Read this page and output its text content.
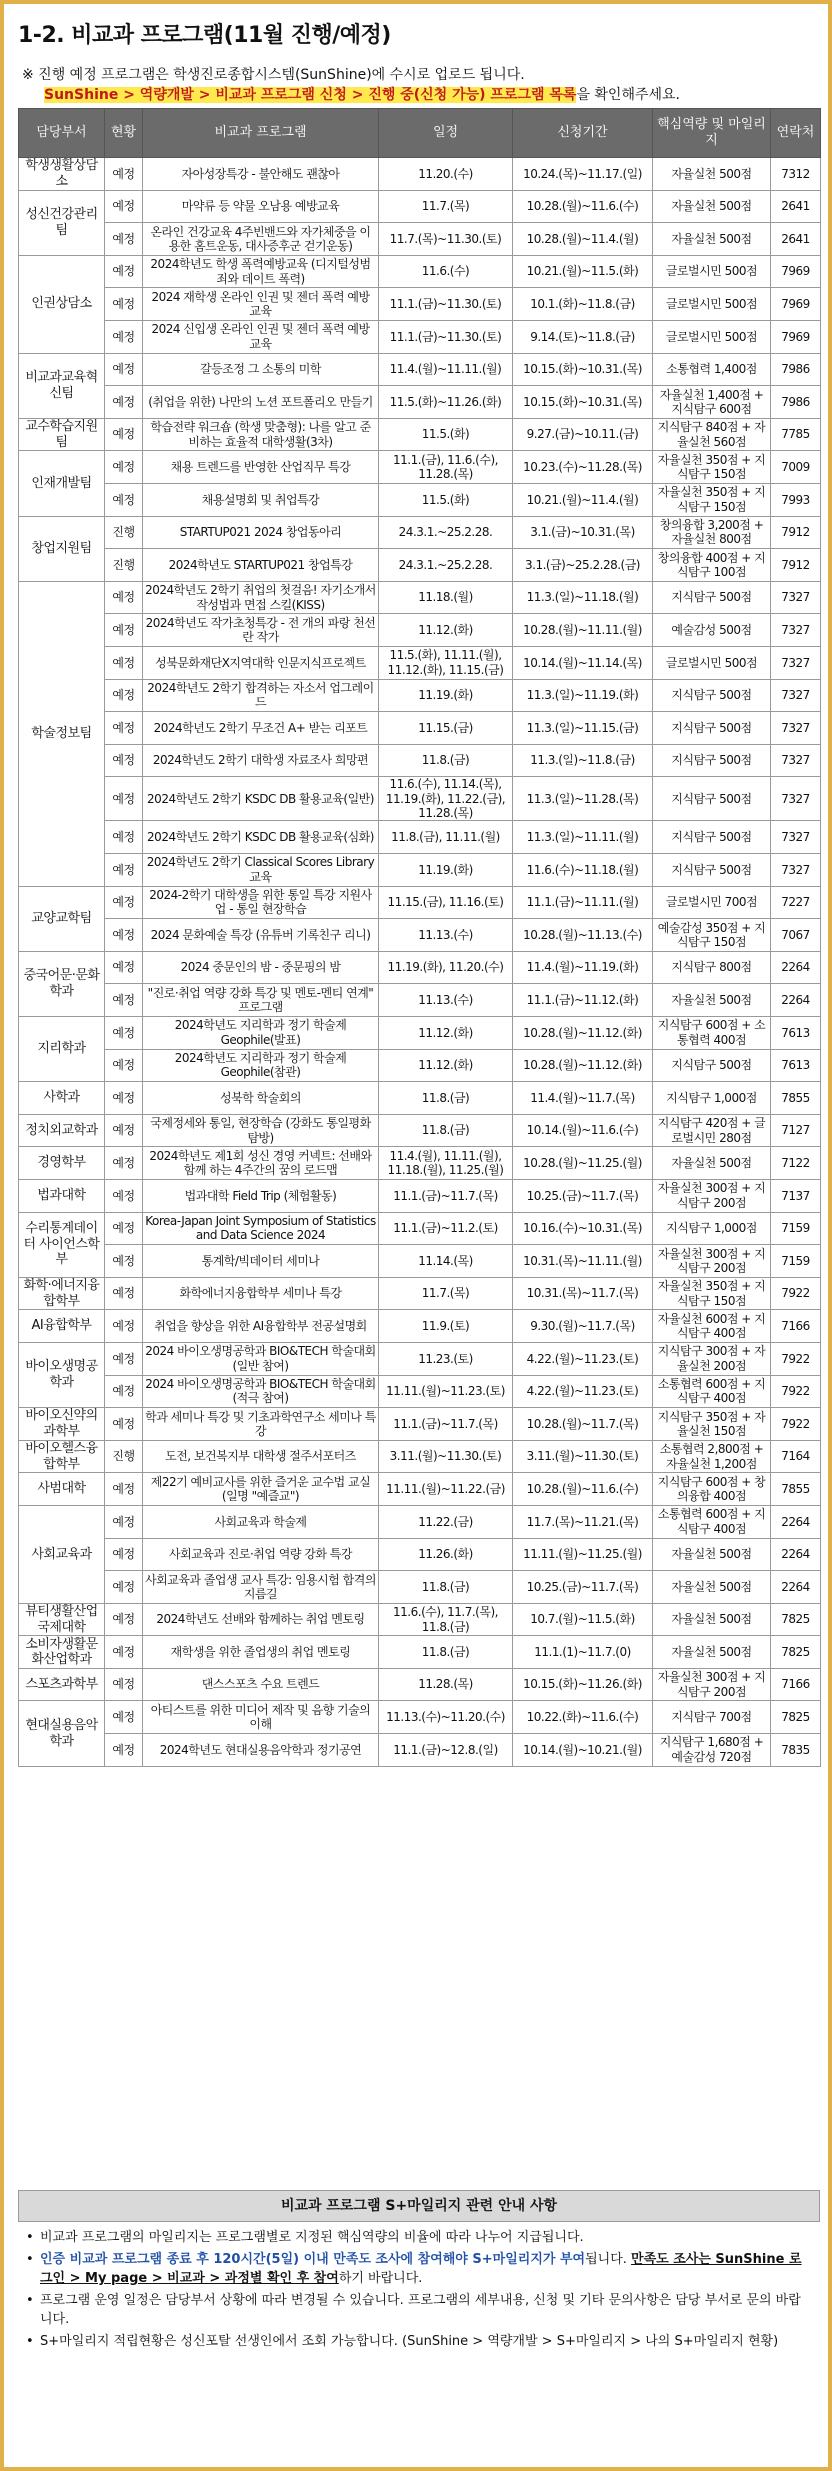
1-2. 비교과 프로그램(11월 진행/예정)
※ 진행 예정 프로그램은 학생진로종합시스템(SunShine)에 수시로 업로드 됩니다.
SunShine > 역량개발 > 비교과 프로그램 신청 > 진행 중(신청 가능) 프로그램 목록을 확인해주세요.
담당부서	현황	비교과 프로그램	일정	신청기간	핵심역량 및 마일리지	연락처
학생생활상담소	예정	자아성장특강 - 불안해도 괜찮아	11.20.(수)	10.24.(목)~11.17.(일)	자율실천 500점	7312
성신건강관리팀	예정	마약류 등 약물 오남용 예방교육	11.7.(목)	10.28.(월)~11.6.(수)	자율실천 500점	2641
	예정	온라인 건강교육 4주빈밴드와 자가체중을 이용한 홈트운동, 대사증후군 걷기운동)	11.7.(목)~11.30.(토)	10.28.(월)~11.4.(월)	자율실천 500점	2641
인권상담소	예정	2024학년도 학생 폭력예방교육 (디지털성범죄와 데이트 폭력)	11.6.(수)	10.21.(월)~11.5.(화)	글로벌시민 500점	7969
	예정	2024 재학생 온라인 인권 및 젠더 폭력 예방 교육	11.1.(금)~11.30.(토)	10.1.(화)~11.8.(금)	글로벌시민 500점	7969
	예정	2024 신입생 온라인 인권 및 젠더 폭력 예방 교육	11.1.(금)~11.30.(토)	9.14.(토)~11.8.(금)	글로벌시민 500점	7969
비교과교육혁신팀	예정	갈등조정 그 소통의 미학	11.4.(월)~11.11.(월)	10.15.(화)~10.31.(목)	소통협력 1,400점	7986
	예정	(취업을 위한) 나만의 노션 포트폴리오 만들기	11.5.(화)~11.26.(화)	10.15.(화)~10.31.(목)	자율실천 1,400점 + 지식탐구 600점	7986
교수학습지원팀	예정	학습전략 워크숍 (학생 맞춤형): 나를 알고 준비하는 효율적 대학생활(3차)	11.5.(화)	9.27.(금)~10.11.(금)	지식탐구 840점 + 자율실천 560점	7785
인재개발팀	예정	채용 트렌드를 반영한 산업직무 특강	11.1.(금), 11.6.(수), 11.28.(목)	10.23.(수)~11.28.(목)	자율실천 350점 + 지식탐구 150점	7009
	예정	채용설명회 및 취업특강	11.5.(화)	10.21.(월)~11.4.(월)	자율실천 350점 + 지식탐구 150점	7993
창업지원팀	진행	STARTUP021 2024 창업동아리	24.3.1.~25.2.28.	3.1.(금)~10.31.(목)	창의융합 3,200점 + 자율실천 800점	7912
	진행	2024학년도 STARTUP021 창업특강	24.3.1.~25.2.28.	3.1.(금)~25.2.28.(금)	창의융합 400점 + 지식탐구 100점	7912
학술정보팀	예정	2024학년도 2학기 취업의 첫걸음! 자기소개서 작성법과 면접 스킬(KISS)	11.18.(월)	11.3.(일)~11.18.(월)	지식탐구 500점	7327
	예정	2024학년도 작가초청특강 - 전 개의 파랑 천선란 작가	11.12.(화)	10.28.(월)~11.11.(월)	예술감성 500점	7327
	예정	성북문화재단X지역대학 인문지식프로젝트	11.5.(화), 11.11.(월), 11.12.(화), 11.15.(금)	10.14.(월)~11.14.(목)	글로벌시민 500점	7327
	예정	2024학년도 2학기 합격하는 자소서 업그레이드	11.19.(화)	11.3.(일)~11.19.(화)	지식탐구 500점	7327
	예정	2024학년도 2학기 무조건 A+ 받는 리포트	11.15.(금)	11.3.(일)~11.15.(금)	지식탐구 500점	7327
	예정	2024학년도 2학기 대학생 자료조사 희망편	11.8.(금)	11.3.(일)~11.8.(금)	지식탐구 500점	7327
	예정	2024학년도 2학기 KSDC DB 활용교육(일반)	11.6.(수), 11.14.(목), 11.19.(화), 11.22.(금), 11.28.(목)	11.3.(일)~11.28.(목)	지식탐구 500점	7327
	예정	2024학년도 2학기 KSDC DB 활용교육(심화)	11.8.(금), 11.11.(월)	11.3.(일)~11.11.(월)	지식탐구 500점	7327
	예정	2024학년도 2학기 Classical Scores Library 교육	11.19.(화)	11.6.(수)~11.18.(월)	지식탐구 500점	7327
교양교학팀	예정	2024-2학기 대학생을 위한 통일 특강 지원사업 - 통일 현장학습	11.15.(금), 11.16.(토)	11.1.(금)~11.11.(월)	글로벌시민 700점	7227
	예정	2024 문화예술 특강 (유튜버 기록친구 리니)	11.13.(수)	10.28.(월)~11.13.(수)	예술감성 350점 + 지식탐구 150점	7067
중국어문·문화학과	예정	2024 중문인의 밤 - 중문핑의 밤	11.19.(화), 11.20.(수)	11.4.(월)~11.19.(화)	지식탐구 800점	2264
	예정	"진로·취업 역량 강화 특강 및 멘토-멘티 연계" 프로그램	11.13.(수)	11.1.(금)~11.12.(화)	자율실천 500점	2264
지리학과	예정	2024학년도 지리학과 정기 학술제 Geophile(발표)	11.12.(화)	10.28.(월)~11.12.(화)	지식탐구 600점 + 소통협력 400점	7613
	예정	2024학년도 지리학과 정기 학술제 Geophile(참관)	11.12.(화)	10.28.(월)~11.12.(화)	지식탐구 500점	7613
사학과	예정	성북학 학술회의	11.8.(금)	11.4.(월)~11.7.(목)	지식탐구 1,000점	7855
정치외교학과	예정	국제정세와 통일, 현장학습 (강화도 통일평화탐방)	11.8.(금)	10.14.(월)~11.6.(수)	지식탐구 420점 + 글로벌시민 280점	7127
경영학부	예정	2024학년도 제1회 성신 경영 커넥트: 선배와 함께 하는 4주간의 꿈의 로드맵	11.4.(월), 11.11.(월), 11.18.(월), 11.25.(월)	10.28.(월)~11.25.(월)	자율실천 500점	7122
법과대학	예정	법과대학 Field Trip (체험활동)	11.1.(금)~11.7.(목)	10.25.(금)~11.7.(목)	자율실천 300점 + 지식탐구 200점	7137
수리통계데이터 사이언스학부	예정	Korea-Japan Joint Symposium of Statistics and Data Science 2024	11.1.(금)~11.2.(토)	10.16.(수)~10.31.(목)	지식탐구 1,000점	7159
	예정	통계학/빅데이터 세미나	11.14.(목)	10.31.(목)~11.11.(월)	자율실천 300점 + 지식탐구 200점	7159
화학·에너지융합학부	예정	화학에너지융합학부 세미나 특강	11.7.(목)	10.31.(목)~11.7.(목)	자율실천 350점 + 지식탐구 150점	7922
AI융합학부	예정	취업을 향상을 위한 AI융합학부 전공설명회	11.9.(토)	9.30.(월)~11.7.(목)	자율실천 600점 + 지식탐구 400점	7166
바이오생명공학과	예정	2024 바이오생명공학과 BIO&TECH 학술대회 (일반 참여)	11.23.(토)	4.22.(월)~11.23.(토)	지식탐구 300점 + 자율실천 200점	7922
	예정	2024 바이오생명공학과 BIO&TECH 학술대회 (적극 참여)	11.11.(월)~11.23.(토)	4.22.(월)~11.23.(토)	소통협력 600점 + 지식탐구 400점	7922
바이오신약의과학부	예정	학과 세미나 특강 및 기초과학연구소 세미나 특강	11.1.(금)~11.7.(목)	10.28.(월)~11.7.(목)	지식탐구 350점 + 자율실천 150점	7922
바이오헬스융합학부	진행	도전, 보건복지부 대학생 절주서포터즈	3.11.(월)~11.30.(토)	3.11.(월)~11.30.(토)	소통협력 2,800점 + 자율실천 1,200점	7164
사범대학	예정	제22기 예비교사를 위한 즐거운 교수법 교실 (일명 "예즐교")	11.11.(월)~11.22.(금)	10.28.(월)~11.6.(수)	지식탐구 600점 + 창의융합 400점	7855
사회교육과	예정	사회교육과 학술제	11.22.(금)	11.7.(목)~11.21.(목)	소통협력 600점 + 지식탐구 400점	2264
	예정	사회교육과 진로·취업 역량 강화 특강	11.26.(화)	11.11.(월)~11.25.(월)	자율실천 500점	2264
	예정	사회교육과 졸업생 교사 특강: 임용시험 합격의 지름길	11.8.(금)	10.25.(금)~11.7.(목)	자율실천 500점	2264
뷰티생활산업국제대학	예정	2024학년도 선배와 함께하는 취업 멘토링	11.6.(수), 11.7.(목), 11.8.(금)	10.7.(월)~11.5.(화)	자율실천 500점	7825
소비자생활문화산업학과	예정	재학생을 위한 졸업생의 취업 멘토링	11.8.(금)	11.1.(1)~11.7.(0)	자율실천 500점	7825
스포츠과학부	예정	댄스스포츠 수요 트렌드	11.28.(목)	10.15.(화)~11.26.(화)	자율실천 300점 + 지식탐구 200점	7166
현대실용음악학과	예정	아티스트를 위한 미디어 제작 및 음향 기술의 이해	11.13.(수)~11.20.(수)	10.22.(화)~11.6.(수)	지식탐구 700점	7825
	예정	2024학년도 현대실용음악학과 정기공연	11.1.(금)~12.8.(일)	10.14.(월)~10.21.(월)	지식탐구 1,680점 + 예술감성 720점	7835
비교과 프로그램 S+마일리지 관련 안내 사항
• 비교과 프로그램의 마일리지는 프로그램별로 지정된 핵심역량의 비율에 따라 나누어 지급됩니다.
• 인증 비교과 프로그램 종료 후 120시간(5일) 이내 만족도 조사에 참여해야 S+마일리지가 부여됩니다. 만족도 조사는 SunShine 로그인 > My page > 비교과 > 과정별 확인 후 참여하기 바랍니다.
• 프로그램 운영 일정은 담당부서 상황에 따라 변경될 수 있습니다. 프로그램의 세부내용, 신청 및 기타 문의사항은 담당 부서로 문의 바랍니다.
• S+마일리지 적립현황은 성신포탈 선생인에서 조회 가능합니다. (SunShine > 역량개발 > S+마일리지 > 나의 S+마일리지 현황)
